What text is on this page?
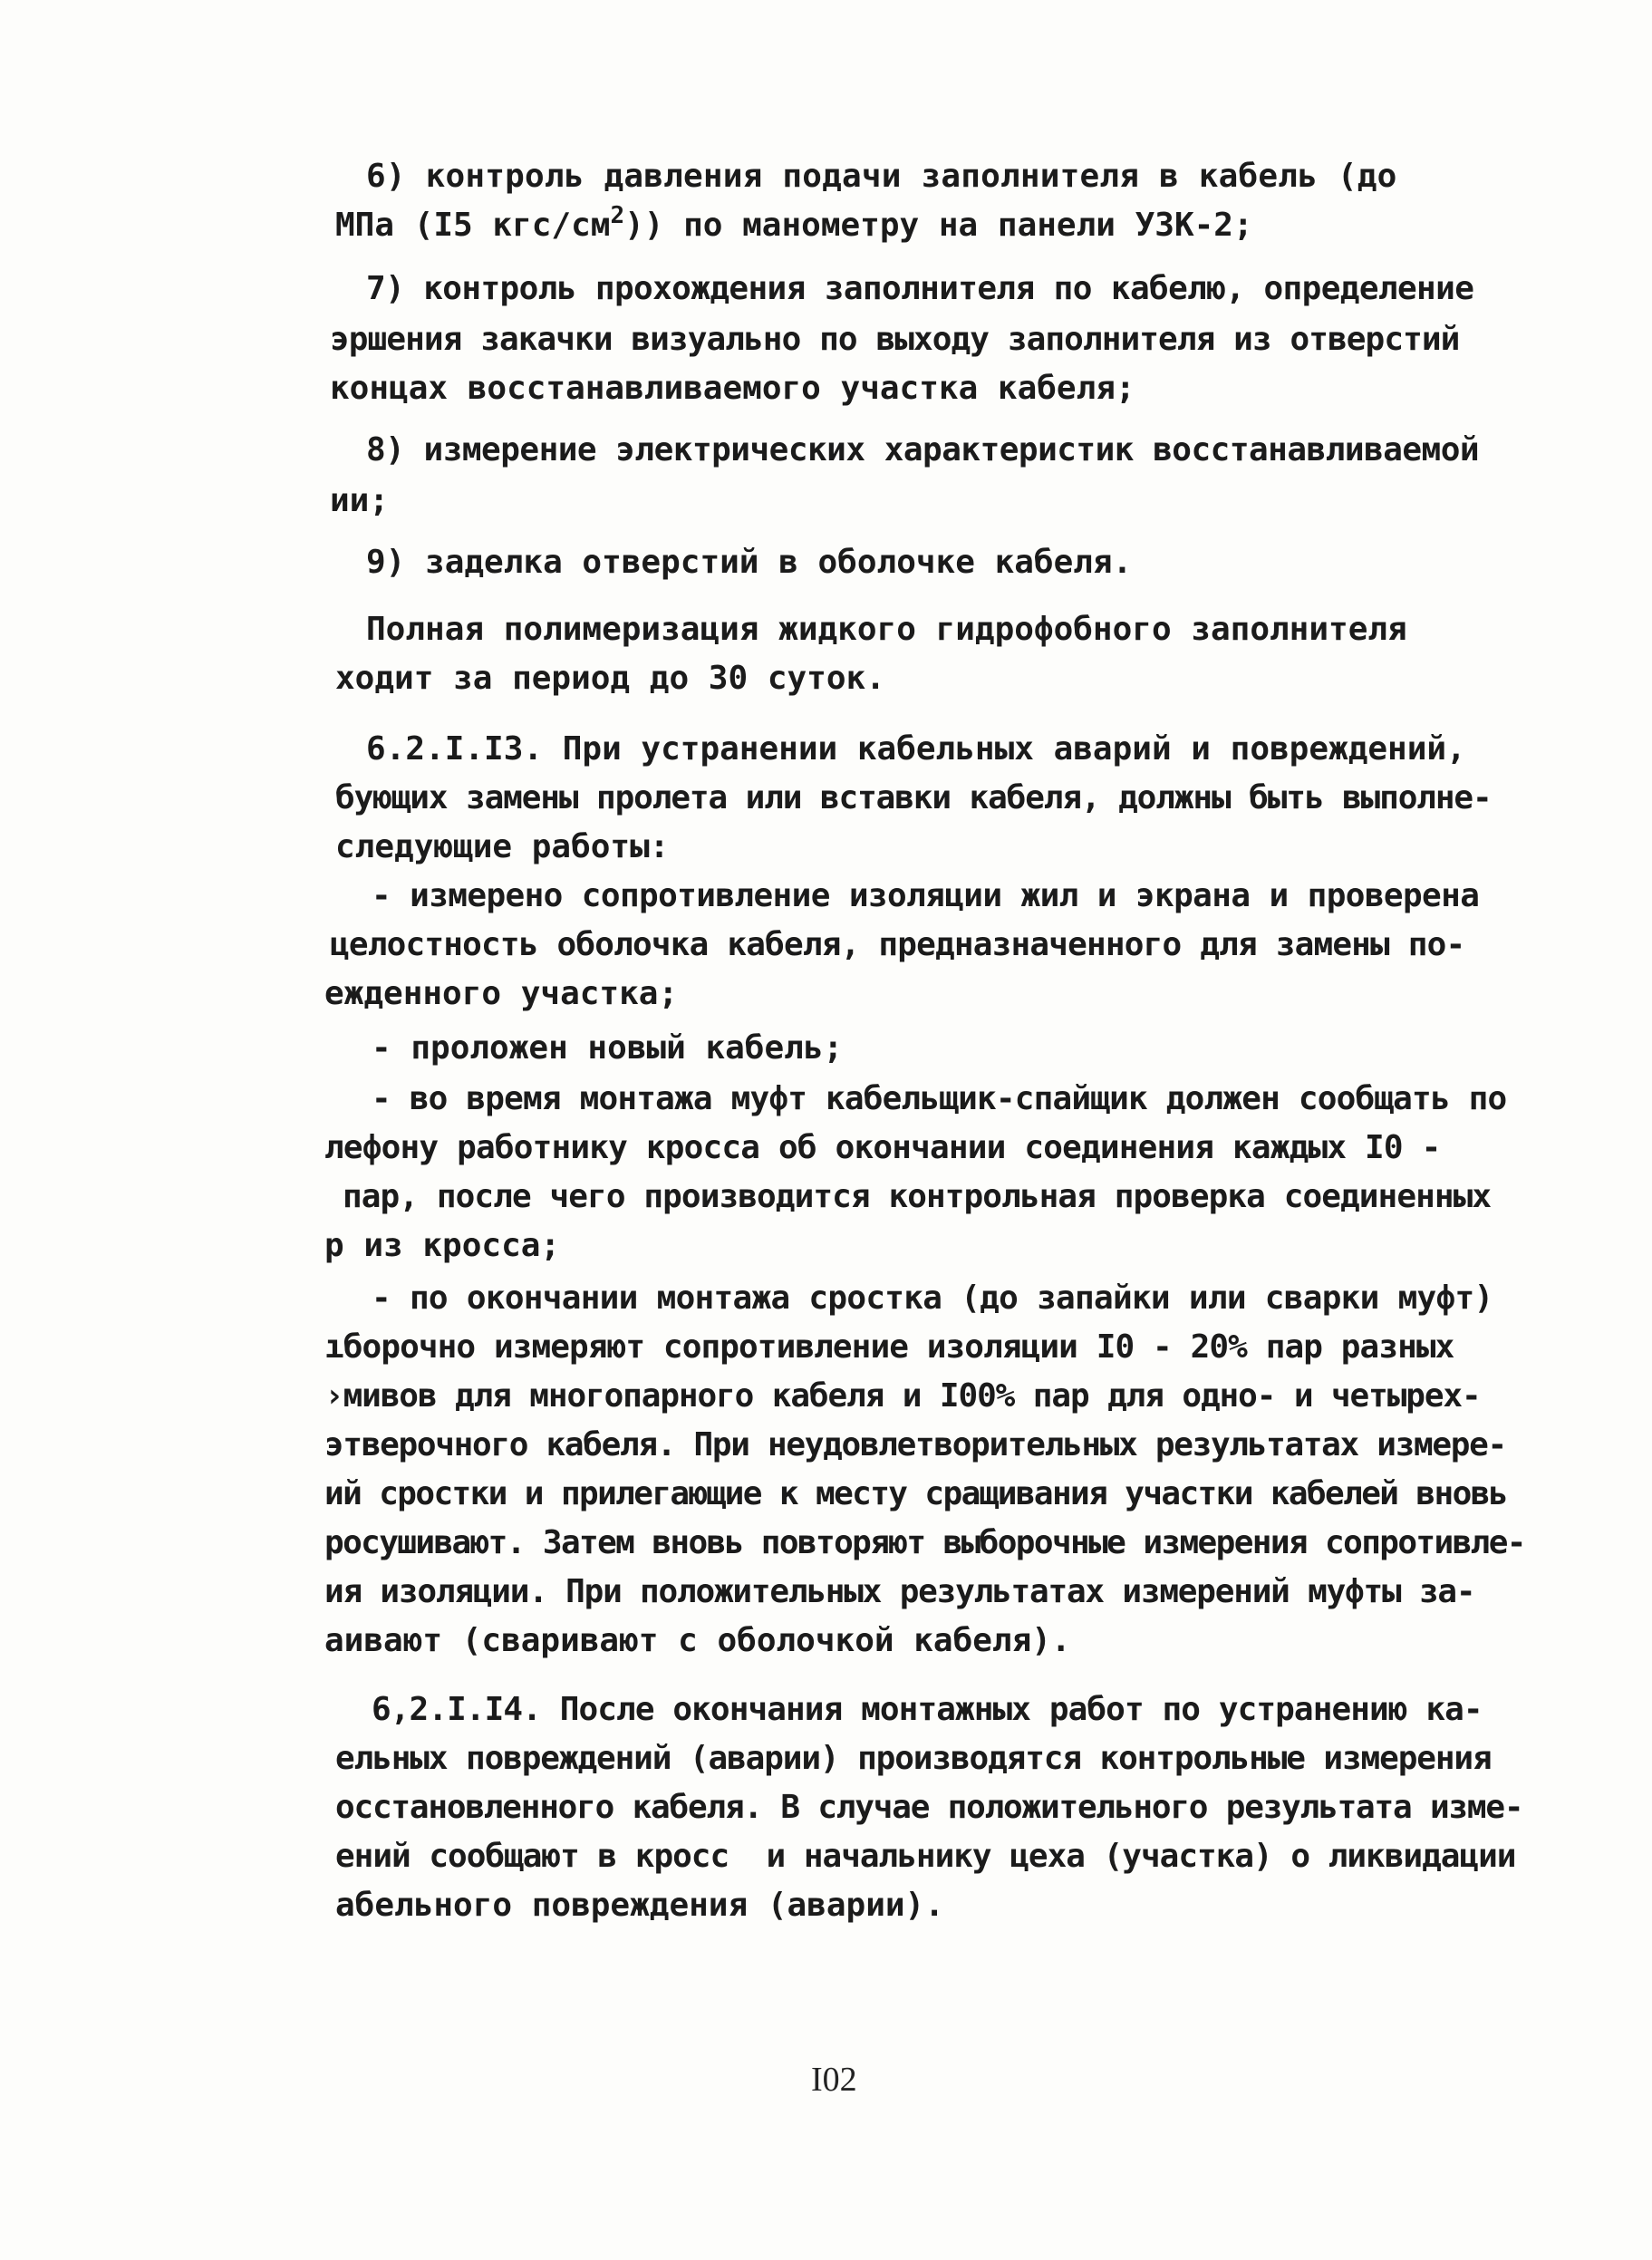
6) контроль давления подачи заполнителя в кабель (до

МПа (I5 кгс/$см^2$)) по манометру на панели УЗК-2;

7) контроль прохождения заполнителя по кабелю, определение

эршения закачки визуально по выходу заполнителя из отверстий

концах восстанавливаемого участка кабеля;

8) измерение электрических характеристик восстанавливаемой

ии;

9) заделка отверстий в оболочке кабеля.

Полная полимеризация жидкого гидрофобного заполнителя

ходит за период до 30 суток.

6.2.I.I3. При устранении кабельных аварий и повреждений,

бующих замены пролета или вставки кабеля, должны быть выполне-

следующие работы:

- измерено сопротивление изоляции жил и экрана и проверена

целостность оболочка кабеля, предназначенного для замены по-

ежденного участка;

- проложен новый кабель;

- во время монтажа муфт кабельщик-спайщик должен сообщать по

лефону работнику кросса об окончании соединения каждых I0 -

пар, после чего производится контрольная проверка соединенных

р из кросса;

- по окончании монтажа сростка (до запайки или сварки муфт)

ıборочно измеряют сопротивление изоляции I0 - 20% пар разных

›мивов для многопарного кабеля и I00% пар для одно- и четырех-

этверочного кабеля. При неудовлетворительных результатах измере-

ий сростки и прилегающие к месту сращивания участки кабелей вновь

росушивают. Затем вновь повторяют выборочные измерения сопротивле-

ия изоляции. При положительных результатах измерений муфты за-

аивают (сваривают с оболочкой кабеля).

6,2.I.I4. После окончания монтажных работ по устранению ка-

ельных повреждений (аварии) производятся контрольные измерения

осстановленного кабеля. В случае положительного результата изме-

ений сообщают в кросс  и начальнику цеха (участка) о ликвидации

абельного повреждения (аварии).

I02
